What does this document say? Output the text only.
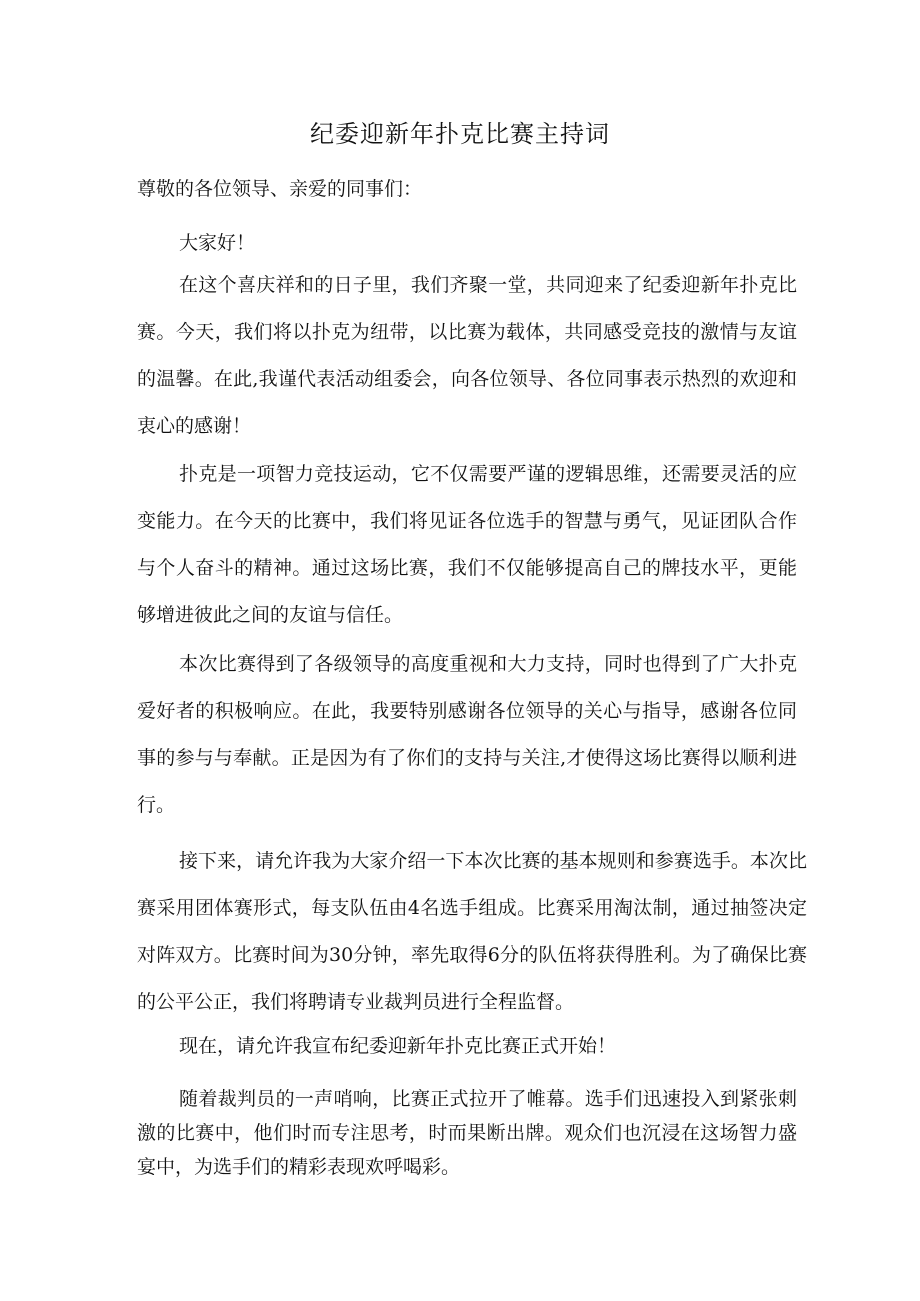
纪委迎新年扑克比赛主持词

尊敬的各位领导、亲爱的同事们：

大家好！

在这个喜庆祥和的日子里，我们齐聚一堂，共同迎来了纪委迎新年扑克比赛。今天，我们将以扑克为纽带，以比赛为载体，共同感受竞技的激情与友谊的温馨。在此,我谨代表活动组委会，向各位领导、各位同事表示热烈的欢迎和衷心的感谢！

扑克是一项智力竞技运动，它不仅需要严谨的逻辑思维，还需要灵活的应变能力。在今天的比赛中，我们将见证各位选手的智慧与勇气，见证团队合作与个人奋斗的精神。通过这场比赛，我们不仅能够提高自己的牌技水平，更能够增进彼此之间的友谊与信任。

本次比赛得到了各级领导的高度重视和大力支持，同时也得到了广大扑克爱好者的积极响应。在此，我要特别感谢各位领导的关心与指导，感谢各位同事的参与与奉献。正是因为有了你们的支持与关注,才使得这场比赛得以顺利进行。

接下来，请允许我为大家介绍一下本次比赛的基本规则和参赛选手。本次比赛采用团体赛形式，每支队伍由4名选手组成。比赛采用淘汰制，通过抽签决定对阵双方。比赛时间为30分钟，率先取得6分的队伍将获得胜利。为了确保比赛的公平公正，我们将聘请专业裁判员进行全程监督。

现在，请允许我宣布纪委迎新年扑克比赛正式开始！

随着裁判员的一声哨响，比赛正式拉开了帷幕。选手们迅速投入到紧张刺激的比赛中，他们时而专注思考，时而果断出牌。观众们也沉浸在这场智力盛宴中，为选手们的精彩表现欢呼喝彩。
